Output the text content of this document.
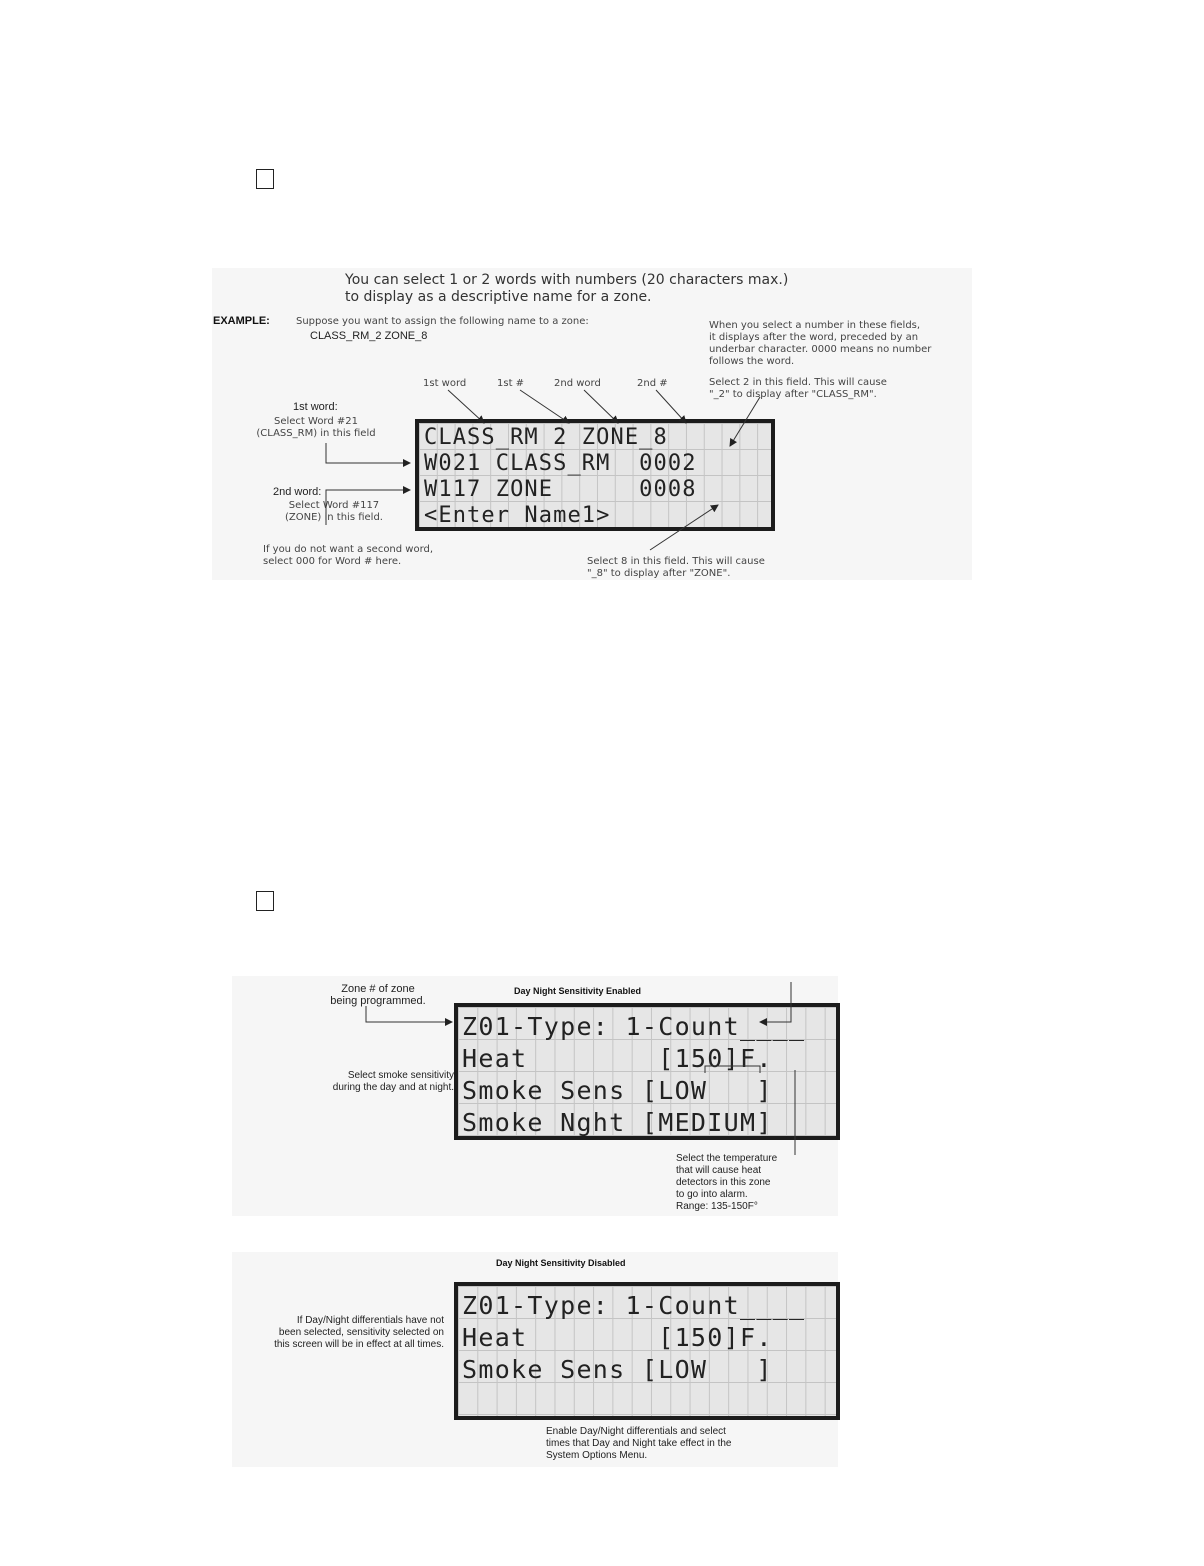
You can select 1 or 2 words with numbers (20 characters max.)
to display as a descriptive name for a zone.
EXAMPLE:	Suppose you want to assign the following name to a zone:
CLASS_RM_2 ZONE_8
When you select a number in these fields,
it displays after the word, preceded by an
underbar character. 0000 means no number
follows the word.
1st word	1st #	2nd word	2nd #	Select 2 in this field. This will cause
"_2" to display after "CLASS_RM".
1st word:
Select Word #21
(CLASS_RM) in this field
2nd word:
Select Word #117
(ZONE) in this field.
If you do not want a second word,
select 000 for Word # here.	Select 8 in this field. This will cause
"_8" to display after "ZONE".
CLASS_RM 2 ZONE_8
W021 CLASS_RM  0002
W117 ZONE      0008
<Enter Name1>
Day Night Sensitivity Enabled
Zone # of zone
being programmed.
Select smoke sensitivity
during the day and at night.
Z01-Type: 1-Count____
Heat        [150]F.
Smoke Sens [LOW   ]
Smoke Nght [MEDIUM]
Select the temperature
that will cause heat
detectors in this zone
to go into alarm.
Range: 135-150F°
Day Night Sensitivity Disabled
If Day/Night differentials have not
been selected, sensitivity selected on
this screen will be in effect at all times.
Z01-Type: 1-Count____
Heat        [150]F.
Smoke Sens [LOW   ]
Enable Day/Night differentials and select
times that Day and Night take effect in the
System Options Menu.
